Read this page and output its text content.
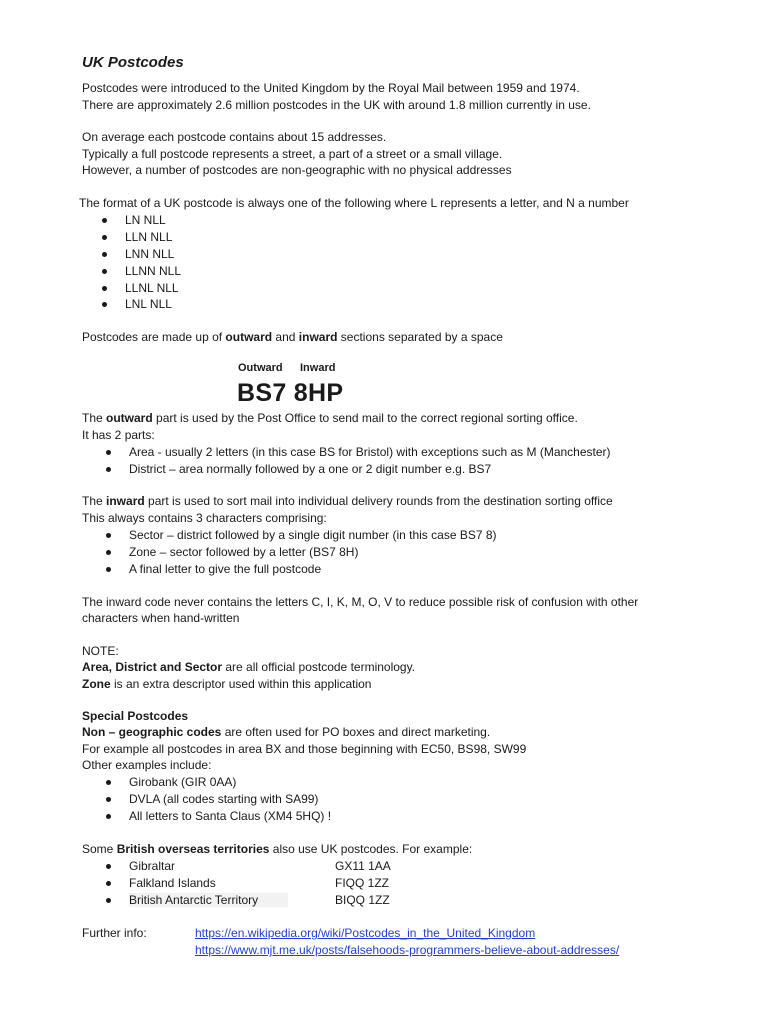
UK Postcodes
Postcodes were introduced to the United Kingdom by the Royal Mail between 1959 and 1974.
There are approximately 2.6 million postcodes in the UK with around 1.8 million currently in use.
On average each postcode contains about 15 addresses.
Typically a full postcode represents a street, a part of a street or a small village.
However, a number of postcodes are non-geographic with no physical addresses
The format of a UK postcode is always one of the following where L represents a letter, and N a number
LN NLL
LLN NLL
LNN NLL
LLNN NLL
LLNL NLL
LNL NLL
Postcodes are made up of outward and inward sections separated by a space
Outward Inward
BS7 8HP
The outward part is used by the Post Office to send mail to the correct regional sorting office.
It has 2 parts:
Area - usually 2 letters (in this case BS for Bristol) with exceptions such as M (Manchester)
District – area normally followed by a one or 2 digit number e.g. BS7
The inward part is used to sort mail into individual delivery rounds from the destination sorting office
This always contains 3 characters comprising:
Sector – district followed by a single digit number (in this case BS7 8)
Zone – sector followed by a letter (BS7 8H)
A final letter to give the full postcode
The inward code never contains the letters C, I, K, M, O, V to reduce possible risk of confusion with other
characters when hand-written
NOTE:
Area, District and Sector are all official postcode terminology.
Zone is an extra descriptor used within this application
Special Postcodes
Non – geographic codes are often used for PO boxes and direct marketing.
For example all postcodes in area BX and those beginning with EC50, BS98, SW99
Other examples include:
Girobank (GIR 0AA)
DVLA (all codes starting with SA99)
All letters to Santa Claus (XM4 5HQ) !
Some British overseas territories also use UK postcodes. For example:
Gibraltar	GX11 1AA
Falkland Islands	FIQQ 1ZZ
British Antarctic Territory	BIQQ 1ZZ
Further info:	https://en.wikipedia.org/wiki/Postcodes_in_the_United_Kingdom
https://www.mjt.me.uk/posts/falsehoods-programmers-believe-about-addresses/
